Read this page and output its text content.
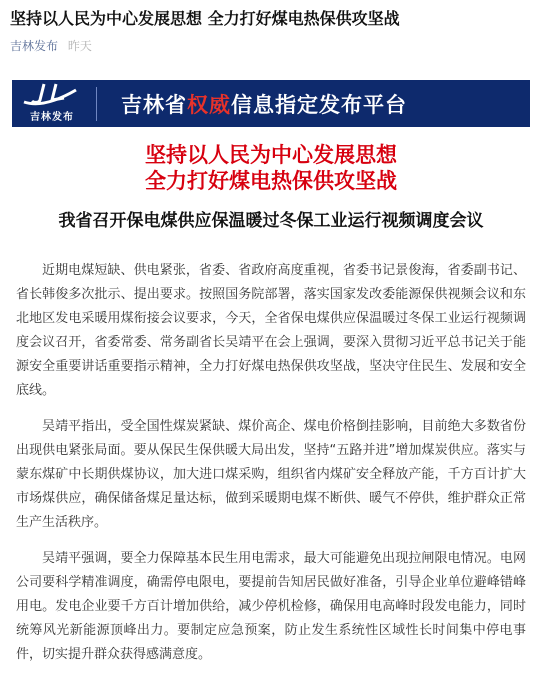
坚持以人民为中心发展思想 全力打好煤电热保供攻坚战
吉林发布 昨天
吉林发布
吉林省权威信息指定发布平台
坚持以人民为中心发展思想
全力打好煤电热保供攻坚战
我省召开保电煤供应保温暖过冬保工业运行视频调度会议

近期电煤短缺、供电紧张，省委、省政府高度重视，省委书记景俊海，省委副书记、省长韩俊多次批示、提出要求。按照国务院部署，落实国家发改委能源保供视频会议和东北地区发电采暖用煤衔接会议要求，今天，全省保电煤供应保温暖过冬保工业运行视频调度会议召开，省委常委、常务副省长吴靖平在会上强调，要深入贯彻习近平总书记关于能源安全重要讲话重要指示精神，全力打好煤电热保供攻坚战，坚决守住民生、发展和安全底线。

吴靖平指出，受全国性煤炭紧缺、煤价高企、煤电价格倒挂影响，目前绝大多数省份出现供电紧张局面。要从保民生保供暖大局出发，坚持“五路并进”增加煤炭供应。落实与蒙东煤矿中长期供煤协议，加大进口煤采购，组织省内煤矿安全释放产能，千方百计扩大市场煤供应，确保储备煤足量达标，做到采暖期电煤不断供、暖气不停供，维护群众正常生产生活秩序。

吴靖平强调，要全力保障基本民生用电需求，最大可能避免出现拉闸限电情况。电网公司要科学精准调度，确需停电限电，要提前告知居民做好准备，引导企业单位避峰错峰用电。发电企业要千方百计增加供给，减少停机检修，确保用电高峰时段发电能力，同时统筹风光新能源顶峰出力。要制定应急预案，防止发生系统性区域性长时间集中停电事件，切实提升群众获得感满意度。
